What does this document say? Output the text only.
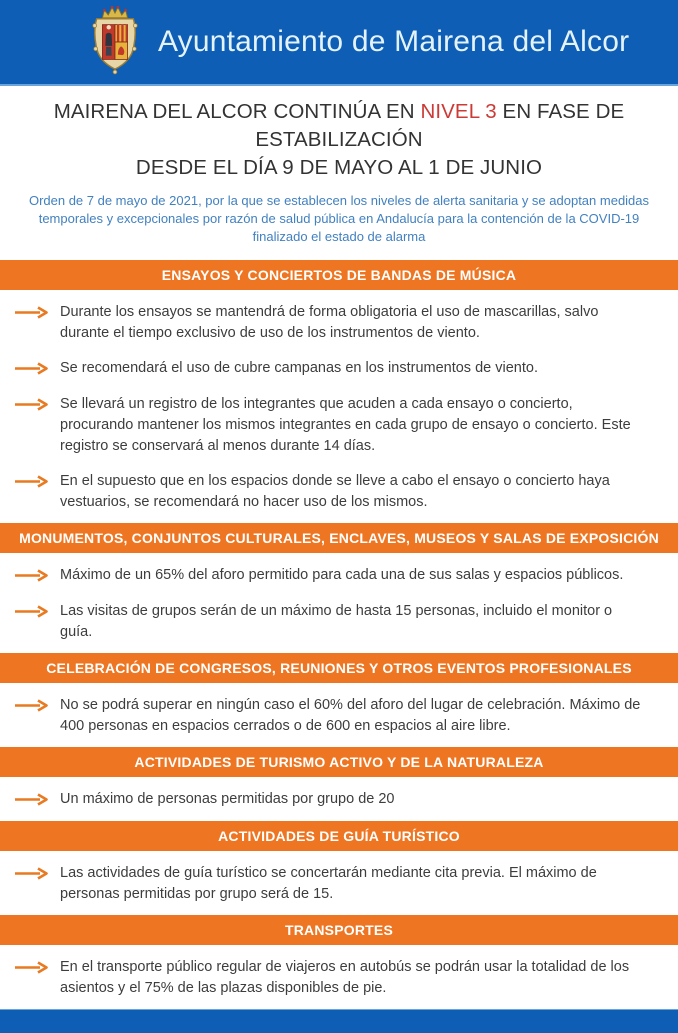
Ayuntamiento de Mairena del Alcor
MAIRENA DEL ALCOR CONTINÚA EN NIVEL 3 EN FASE DE ESTABILIZACIÓN
DESDE EL DÍA 9 DE MAYO AL 1 DE JUNIO
Orden de 7 de mayo de 2021, por la que se establecen los niveles de alerta sanitaria y se adoptan medidas temporales y excepcionales por razón de salud pública en Andalucía para la contención de la COVID-19 finalizado el estado de alarma
ENSAYOS Y CONCIERTOS DE BANDAS DE MÚSICA
Durante los ensayos se mantendrá de forma obligatoria el uso de mascarillas, salvo durante el tiempo exclusivo de uso de los instrumentos de viento.
Se recomendará el uso de cubre campanas en los instrumentos de viento.
Se llevará un registro de los integrantes que acuden a cada ensayo o concierto, procurando mantener los mismos integrantes en cada grupo de ensayo o concierto. Este registro se conservará al menos durante 14 días.
En el supuesto que en los espacios donde se lleve a cabo el ensayo o concierto haya vestuarios, se recomendará no hacer uso de los mismos.
MONUMENTOS, CONJUNTOS CULTURALES, ENCLAVES, MUSEOS Y SALAS DE EXPOSICIÓN
Máximo de un 65% del aforo permitido para cada una de sus salas y espacios públicos.
Las visitas de grupos serán de un máximo de hasta 15 personas, incluido el monitor o guía.
CELEBRACIÓN DE CONGRESOS, REUNIONES Y OTROS EVENTOS PROFESIONALES
No se podrá superar en ningún caso el 60% del aforo del lugar de celebración. Máximo de 400 personas en espacios cerrados o de 600 en espacios al aire libre.
ACTIVIDADES DE TURISMO ACTIVO Y DE LA NATURALEZA
Un máximo de personas permitidas por grupo de 20
ACTIVIDADES DE GUÍA TURÍSTICO
Las actividades de guía turístico se concertarán mediante cita previa. El máximo de personas permitidas por grupo será de 15.
TRANSPORTES
En el transporte público regular de viajeros en autobús se podrán usar la totalidad de los asientos y el 75% de las plazas disponibles de pie.
